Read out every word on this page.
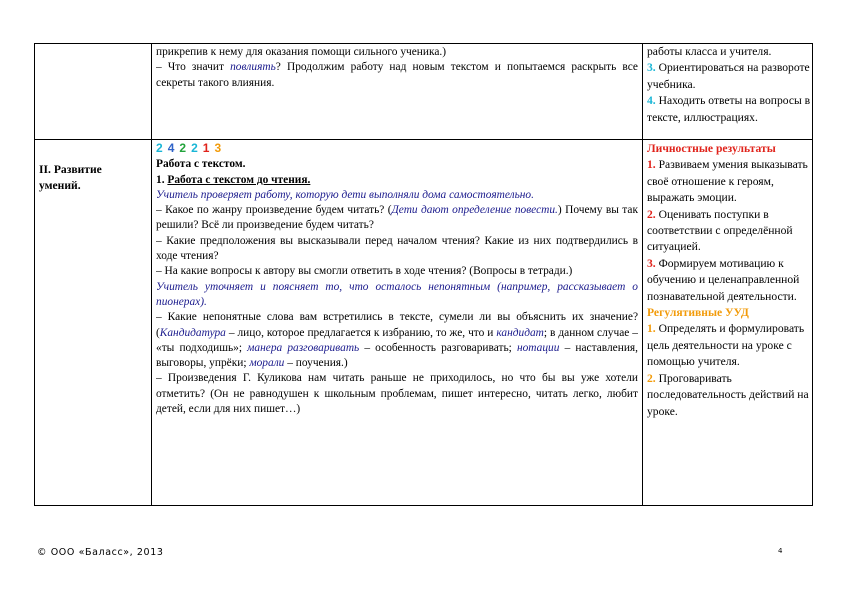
прикрепив к нему для оказания помощи сильного ученика.)

– Что значит повлиять? Продолжим работу над новым текстом и попытаемся раскрыть все секреты такого влияния.

работы класса и учителя.

3. Ориентироваться на развороте учебника.

4. Находить ответы на вопросы в тексте, иллюстрациях.

II. Развитие умений.
2 4 2 2 1 3

Работа с текстом.

1. Работа с текстом до чтения.

Учитель проверяет работу, которую дети выполняли дома самостоятельно.

– Какое по жанру произведение будем читать? (Дети дают определение повести.) Почему вы так решили? Всё ли произведение будем читать?

– Какие предположения вы высказывали перед началом чтения? Какие из них подтвердились в ходе чтения?

– На какие вопросы к автору вы смогли ответить в ходе чтения? (Вопросы в тетради.)

Учитель уточняет и поясняет то, что осталось непонятным (например, рассказывает о пионерах).

– Какие непонятные слова вам встретились в тексте, сумели ли вы объяснить их значение? (Кандидатура – лицо, которое предлагается к избранию, то же, что и кандидат; в данном случае – «ты подходишь»; манера разговаривать – особенность разговаривать; нотации – наставления, выговоры, упрёки; морали – поучения.)

– Произведения Г. Куликова нам читать раньше не приходилось, но что бы вы уже хотели отметить? (Он не равнодушен к школьным проблемам, пишет интересно, читать легко, любит детей, если для них пишет…)

Личностные результаты

1. Развиваем умения выказывать своё отношение к героям, выражать эмоции.

2. Оценивать поступки в соответствии с определённой ситуацией.

3. Формируем мотивацию к обучению и целенаправленной познавательной деятельности.

Регулятивные УУД

1. Определять и формулировать цель деятельности на уроке с помощью учителя.

2. Проговаривать последовательность действий на уроке.

© ООО «Баласс», 2013	4
